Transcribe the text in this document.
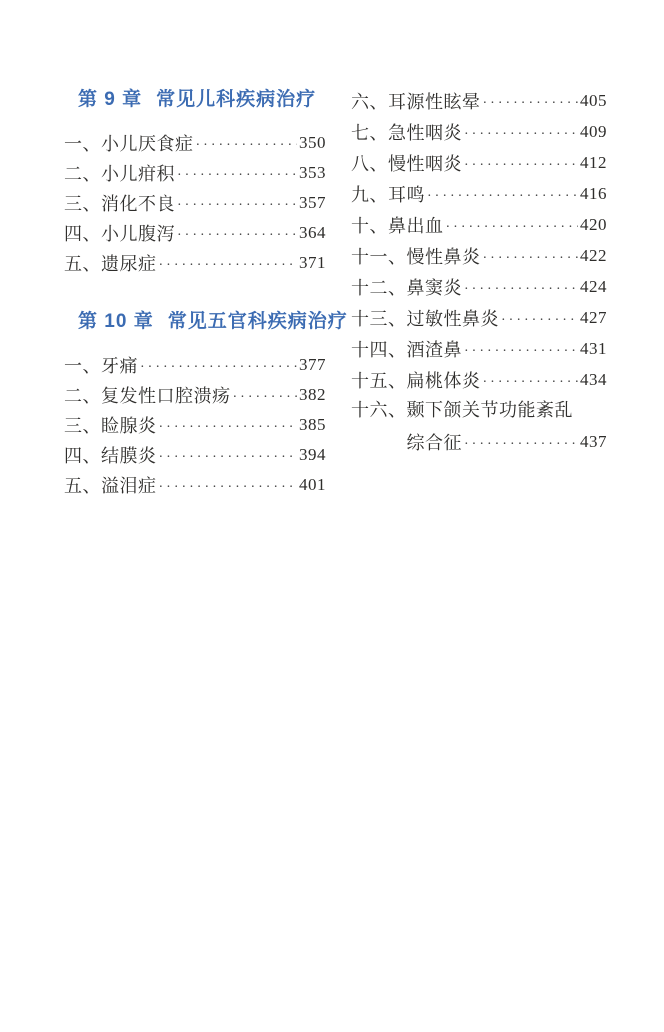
第 9 章 常见儿科疾病治疗
一、 小儿厌食症 ·····	350
二、 小儿疳积 ·····	353
三、 消化不良 ·····	357
四、 小儿腹泻 ·····	364
五、 遗尿症 ·····	371
第 10 章 常见五官科疾病治疗
一、 牙痛 ·····	377
二、 复发性口腔溃疡 ·····	382
三、 睑腺炎 ·····	385
四、 结膜炎 ·····	394
五、 溢泪症 ·····	401
六、 耳源性眩晕 ·····	405
七、 急性咽炎 ·····	409
八、 慢性咽炎 ·····	412
九、 耳鸣 ·····	416
十、 鼻出血 ·····	420
十一、 慢性鼻炎 ·····	422
十二、 鼻窦炎 ·····	424
十三、 过敏性鼻炎 ·····	427
十四、 酒渣鼻 ·····	431
十五、 扁桃体炎 ·····	434
十六、 颞下颌关节功能紊乱
综合征 ·····	437
